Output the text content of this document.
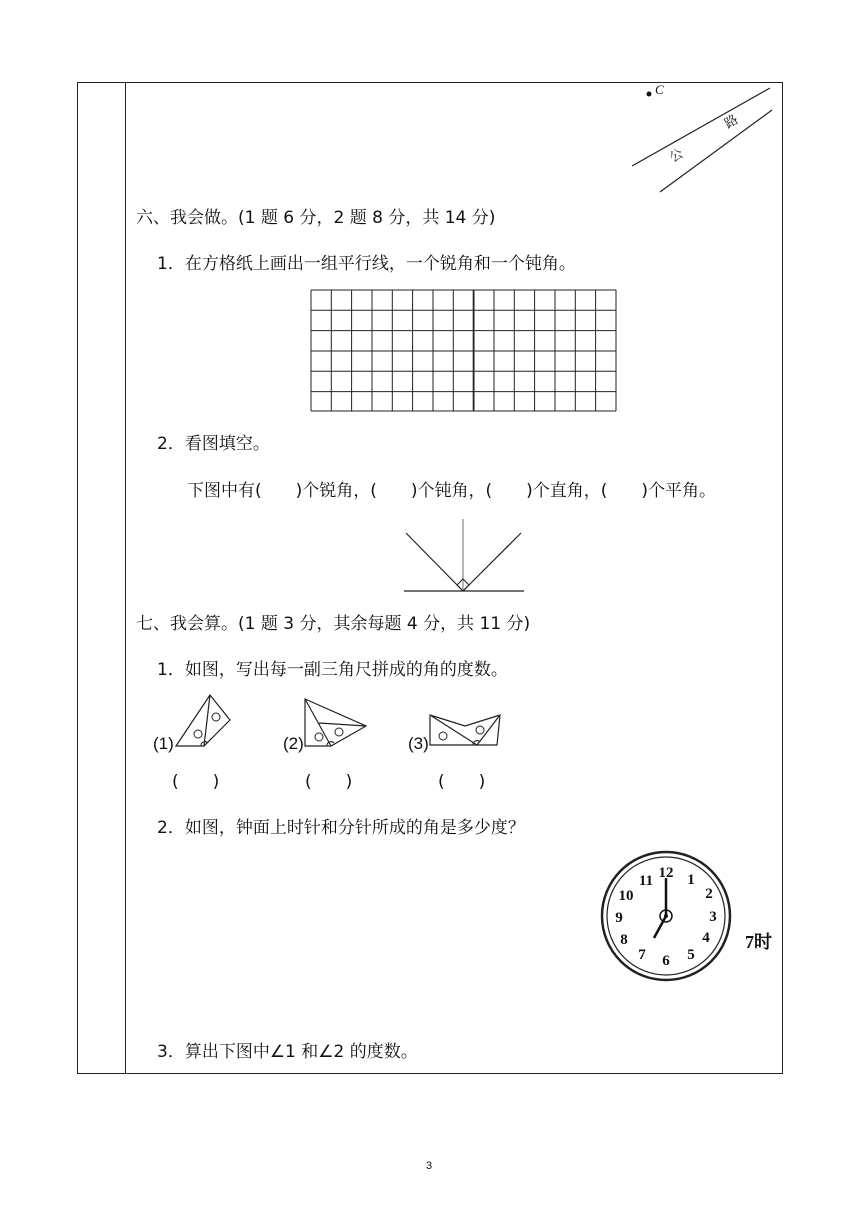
C
公
路
六、我会做。(1 题 6 分，2 题 8 分，共 14 分)
1．在方格纸上画出一组平行线，一个锐角和一个钝角。
2．看图填空。
下图中有(　　)个锐角，(　　)个钝角，(　　)个直角，(　　)个平角。
七、我会算。(1 题 3 分，其余每题 4 分，共 11 分)
1．如图，写出每一副三角尺拼成的角的度数。
(1)	(2)	(3)
(　　)	(　　)	(　　)
2．如图，钟面上时针和分针所成的角是多少度？
12 1
2
3
4
5
6
7
8
9
10
11
7时
3．算出下图中∠1 和∠2 的度数。
3
